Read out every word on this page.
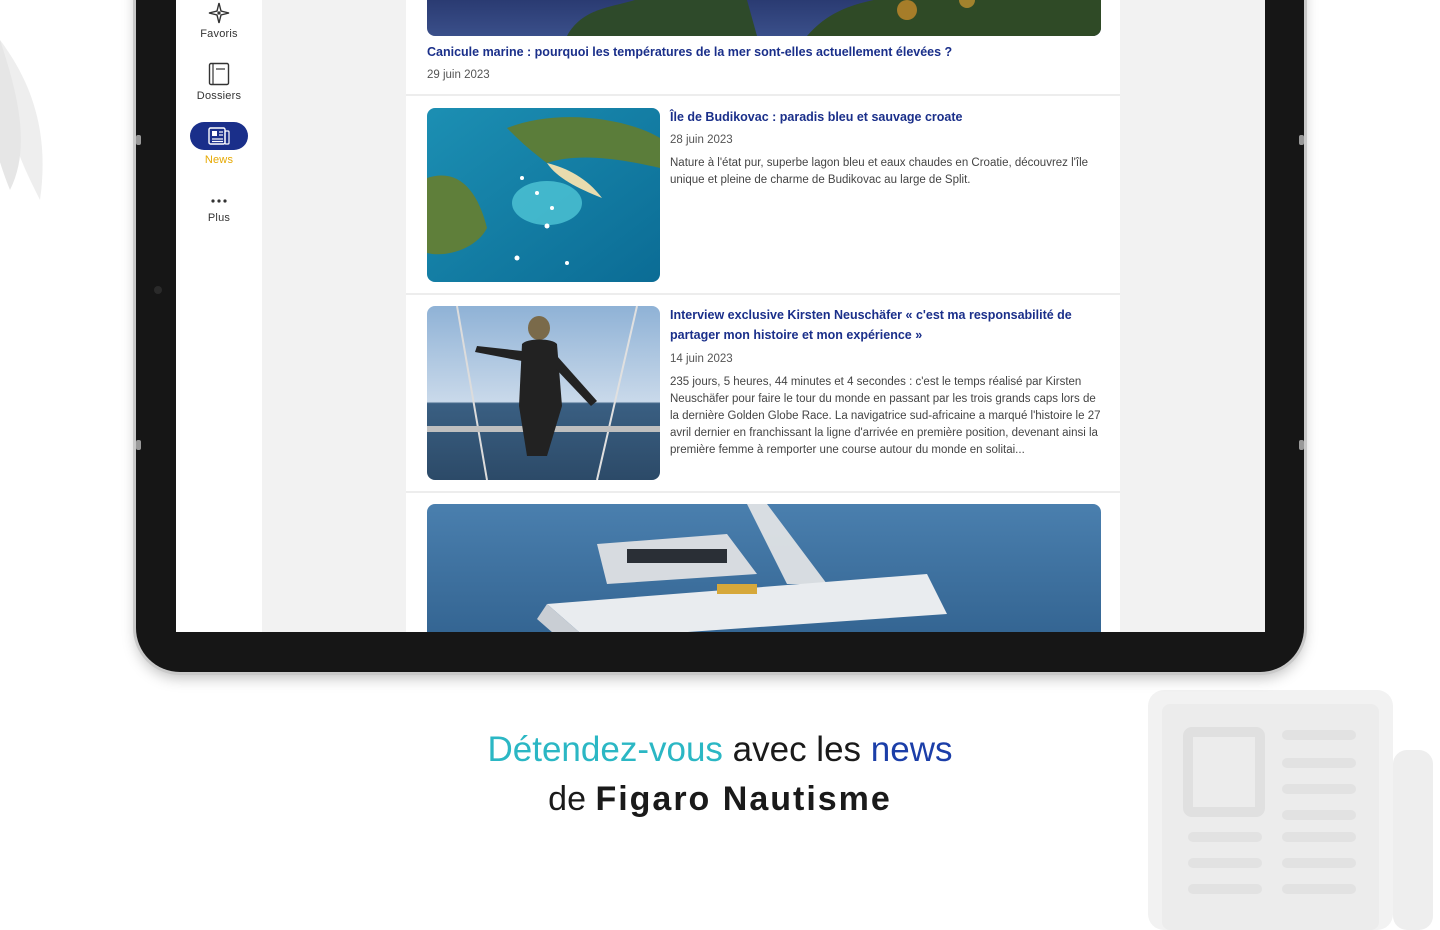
Favoris
Dossiers
News
Plus
Canicule marine : pourquoi les températures de la mer sont-elles actuellement élevées ?
29 juin 2023
Île de Budikovac : paradis bleu et sauvage croate
28 juin 2023
Nature à l'état pur, superbe lagon bleu et eaux chaudes en Croatie, découvrez l'île unique et pleine de charme de Budikovac au large de Split.
Interview exclusive Kirsten Neuschäfer « c'est ma responsabilité de partager mon histoire et mon expérience »
14 juin 2023
235 jours, 5 heures, 44 minutes et 4 secondes : c'est le temps réalisé par Kirsten Neuschäfer pour faire le tour du monde en passant par les trois grands caps lors de la dernière Golden Globe Race. La navigatrice sud-africaine a marqué l'histoire le 27 avril dernier en franchissant la ligne d'arrivée en première position, devenant ainsi la première femme à remporter une course autour du monde en solitai...
Détendez-vous avec les news
de Figaro Nautisme
